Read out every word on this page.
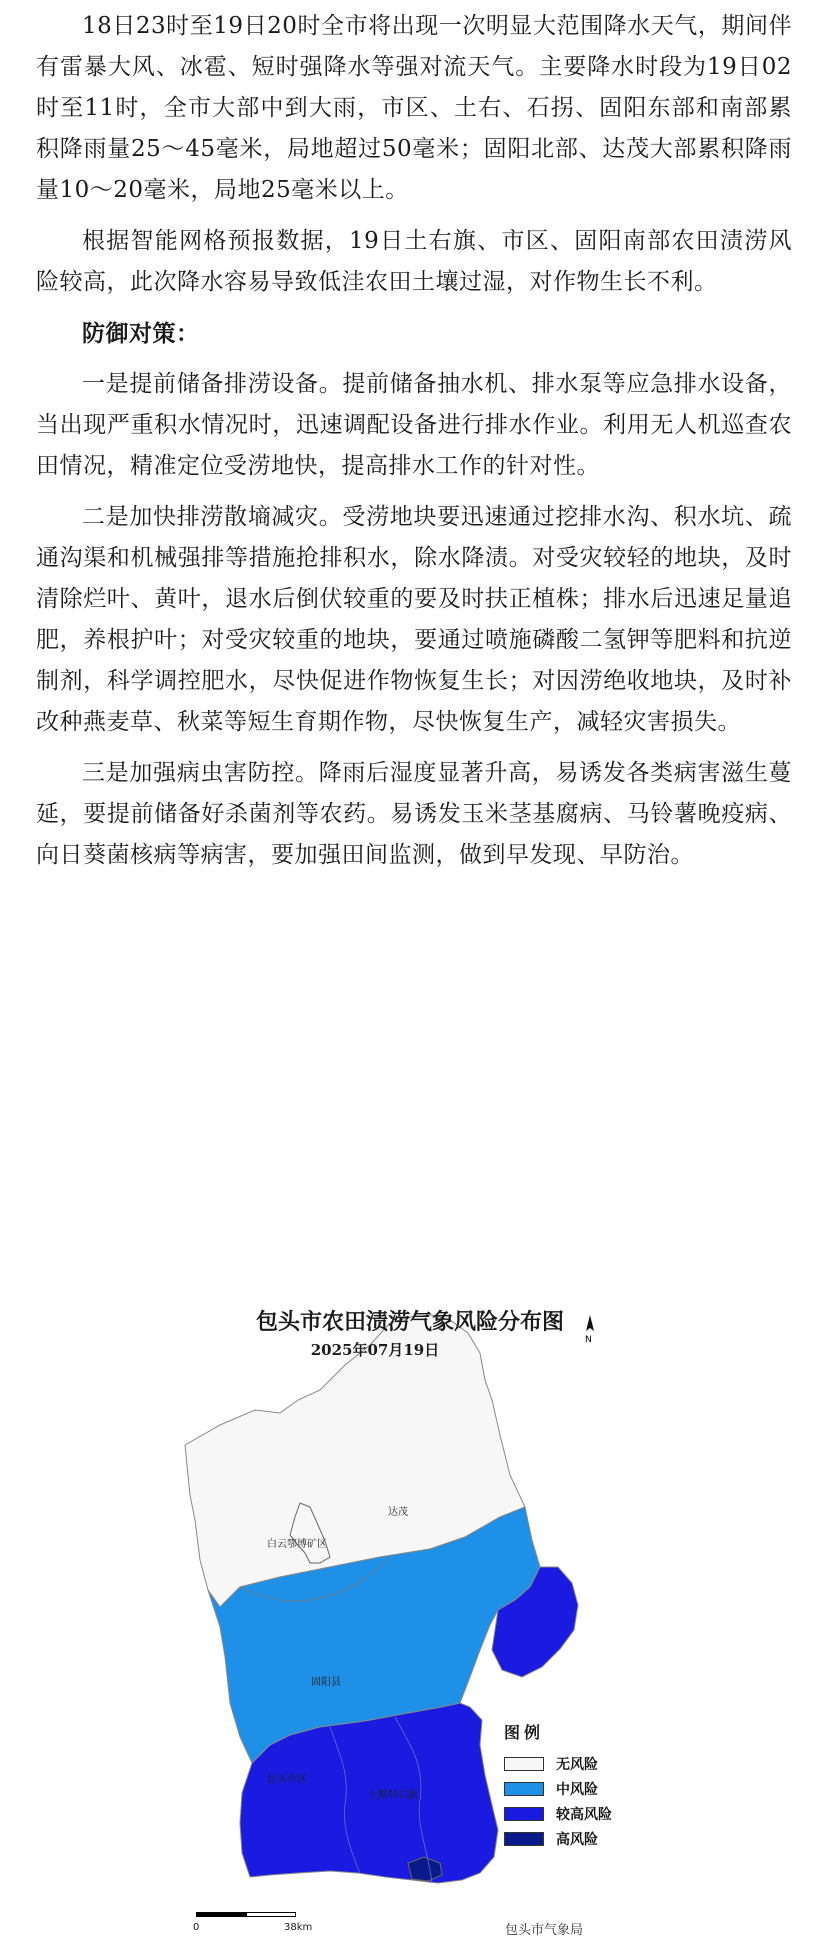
18日23时至19日20时全市将出现一次明显大范围降水天气，期间伴有雷暴大风、冰雹、短时强降水等强对流天气。主要降水时段为19日02时至11时，全市大部中到大雨，市区、土右、石拐、固阳东部和南部累积降雨量25～45毫米，局地超过50毫米；固阳北部、达茂大部累积降雨量10～20毫米，局地25毫米以上。

根据智能网格预报数据，19日土右旗、市区、固阳南部农田渍涝风险较高，此次降水容易导致低洼农田土壤过湿，对作物生长不利。

防御对策：

一是提前储备排涝设备。提前储备抽水机、排水泵等应急排水设备，当出现严重积水情况时，迅速调配设备进行排水作业。利用无人机巡查农田情况，精准定位受涝地快，提高排水工作的针对性。

二是加快排涝散墒减灾。受涝地块要迅速通过挖排水沟、积水坑、疏通沟渠和机械强排等措施抢排积水，除水降渍。对受灾较轻的地块，及时清除烂叶、黄叶，退水后倒伏较重的要及时扶正植株；排水后迅速足量追肥，养根护叶；对受灾较重的地块，要通过喷施磷酸二氢钾等肥料和抗逆制剂，科学调控肥水，尽快促进作物恢复生长；对因涝绝收地块，及时补改种燕麦草、秋菜等短生育期作物，尽快恢复生产，减轻灾害损失。

三是加强病虫害防控。降雨后湿度显著升高，易诱发各类病害滋生蔓延，要提前储备好杀菌剂等农药。易诱发玉米茎基腐病、马铃薯晚疫病、向日葵菌核病等病害，要加强田间监测，做到早发现、早防治。

达茂
白云鄂博矿区
固阳县
包头市区
土默特右旗
包头市农田渍涝气象风险分布图
2025年07月19日
N
图例
无风险
中风险
较高风险
高风险
0	38km	包头市气象局
